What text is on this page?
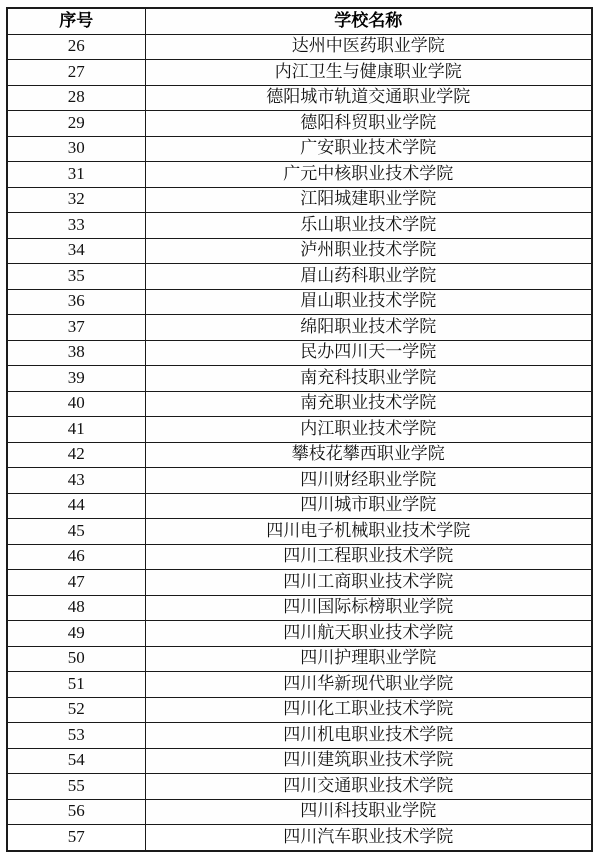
序号	学校名称
26	达州中医药职业学院
27	内江卫生与健康职业学院
28	德阳城市轨道交通职业学院
29	德阳科贸职业学院
30	广安职业技术学院
31	广元中核职业技术学院
32	江阳城建职业学院
33	乐山职业技术学院
34	泸州职业技术学院
35	眉山药科职业学院
36	眉山职业技术学院
37	绵阳职业技术学院
38	民办四川天一学院
39	南充科技职业学院
40	南充职业技术学院
41	内江职业技术学院
42	攀枝花攀西职业学院
43	四川财经职业学院
44	四川城市职业学院
45	四川电子机械职业技术学院
46	四川工程职业技术学院
47	四川工商职业技术学院
48	四川国际标榜职业学院
49	四川航天职业技术学院
50	四川护理职业学院
51	四川华新现代职业学院
52	四川化工职业技术学院
53	四川机电职业技术学院
54	四川建筑职业技术学院
55	四川交通职业技术学院
56	四川科技职业学院
57	四川汽车职业技术学院
